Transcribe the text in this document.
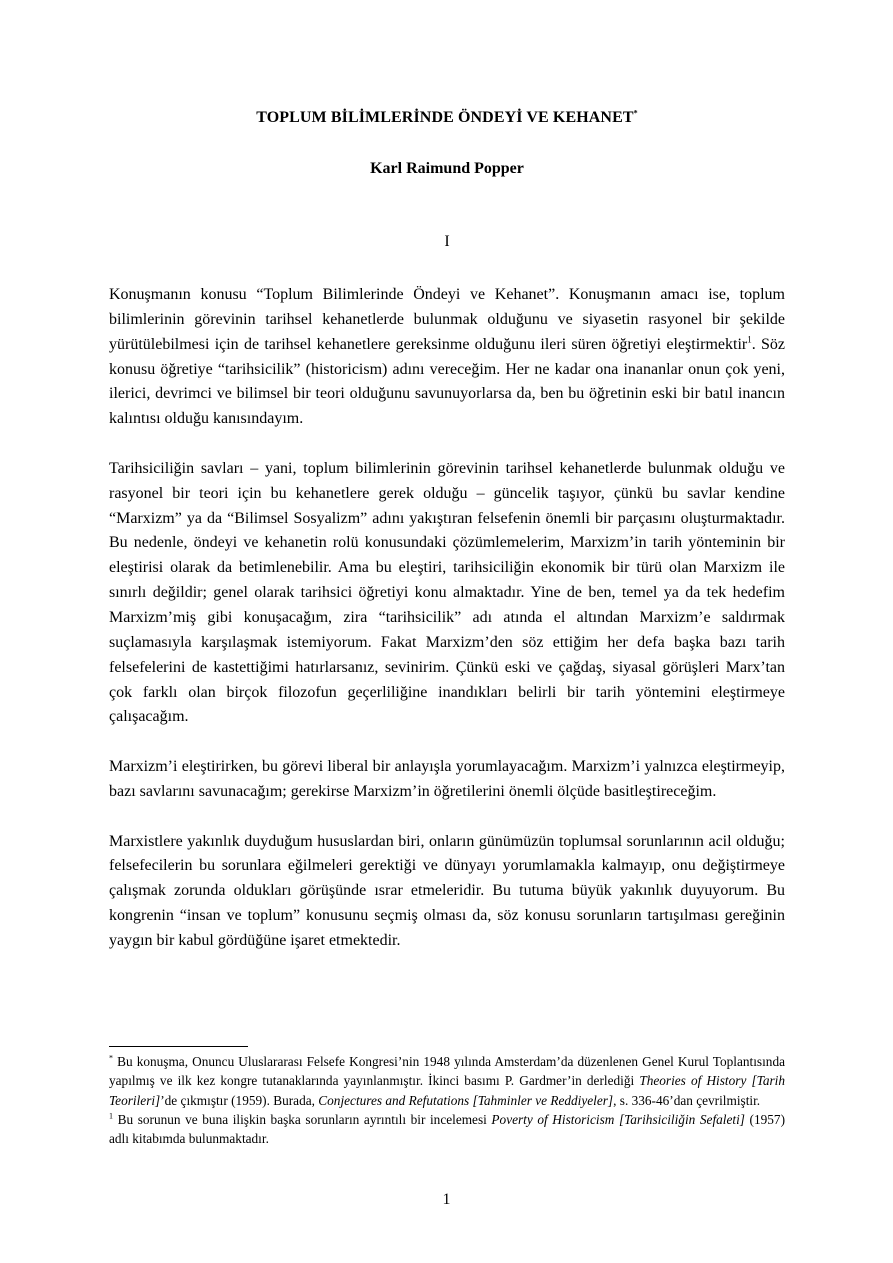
TOPLUM BİLİMLERİNDE ÖNDEYİ VE KEHANET*
Karl Raimund Popper
I

Konuşmanın konusu “Toplum Bilimlerinde Öndeyi ve Kehanet”. Konuşmanın amacı ise, toplum bilimlerinin görevinin tarihsel kehanetlerde bulunmak olduğunu ve siyasetin rasyonel bir şekilde yürütülebilmesi için de tarihsel kehanetlere gereksinme olduğunu ileri süren öğretiyi eleştirmektir$^1$. Söz konusu öğretiye “tarihsicilik” (historicism) adını vereceğim. Her ne kadar ona inananlar onun çok yeni, ilerici, devrimci ve bilimsel bir teori olduğunu savunuyorlarsa da, ben bu öğretinin eski bir batıl inancın kalıntısı olduğu kanısındayım.

Tarihsiciliğin savları – yani, toplum bilimlerinin görevinin tarihsel kehanetlerde bulunmak olduğu ve rasyonel bir teori için bu kehanetlere gerek olduğu – güncelik taşıyor, çünkü bu savlar kendine “Marxizm” ya da “Bilimsel Sosyalizm” adını yakıştıran felsefenin önemli bir parçasını oluşturmaktadır. Bu nedenle, öndeyi ve kehanetin rolü konusundaki çözümlemelerim, Marxizm’in tarih yönteminin bir eleştirisi olarak da betimlenebilir. Ama bu eleştiri, tarihsiciliğin ekonomik bir türü olan Marxizm ile sınırlı değildir; genel olarak tarihsici öğretiyi konu almaktadır. Yine de ben, temel ya da tek hedefim Marxizm’miş gibi konuşacağım, zira “tarihsicilik” adı atında el altından Marxizm’e saldırmak suçlamasıyla karşılaşmak istemiyorum. Fakat Marxizm’den söz ettiğim her defa başka bazı tarih felsefelerini de kastettiğimi hatırlarsanız, sevinirim. Çünkü eski ve çağdaş, siyasal görüşleri Marx’tan çok farklı olan birçok filozofun geçerliliğine inandıkları belirli bir tarih yöntemini eleştirmeye çalışacağım.

Marxizm’i eleştirirken, bu görevi liberal bir anlayışla yorumlayacağım. Marxizm’i yalnızca eleştirmeyip, bazı savlarını savunacağım; gerekirse Marxizm’in öğretilerini önemli ölçüde basitleştireceğim.

Marxistlere yakınlık duyduğum hususlardan biri, onların günümüzün toplumsal sorunlarının acil olduğu; felsefecilerin bu sorunlara eğilmeleri gerektiği ve dünyayı yorumlamakla kalmayıp, onu değiştirmeye çalışmak zorunda oldukları görüşünde ısrar etmeleridir. Bu tutuma büyük yakınlık duyuyorum. Bu kongrenin “insan ve toplum” konusunu seçmiş olması da, söz konusu sorunların tartışılması gereğinin yaygın bir kabul gördüğüne işaret etmektedir.

* Bu konuşma, Onuncu Uluslararası Felsefe Kongresi’nin 1948 yılında Amsterdam’da düzenlenen Genel Kurul Toplantısında yapılmış ve ilk kez kongre tutanaklarında yayınlanmıştır. İkinci basımı P. Gardmer’in derlediği Theories of History [Tarih Teorileri]’de çıkmıştır (1959). Burada, Conjectures and Refutations [Tahminler ve Reddiyeler], s. 336-46’dan çevrilmiştir.

$^1$ Bu sorunun ve buna ilişkin başka sorunların ayrıntılı bir incelemesi Poverty of Historicism [Tarihsiciliğin Sefaleti] (1957) adlı kitabımda bulunmaktadır.

1
